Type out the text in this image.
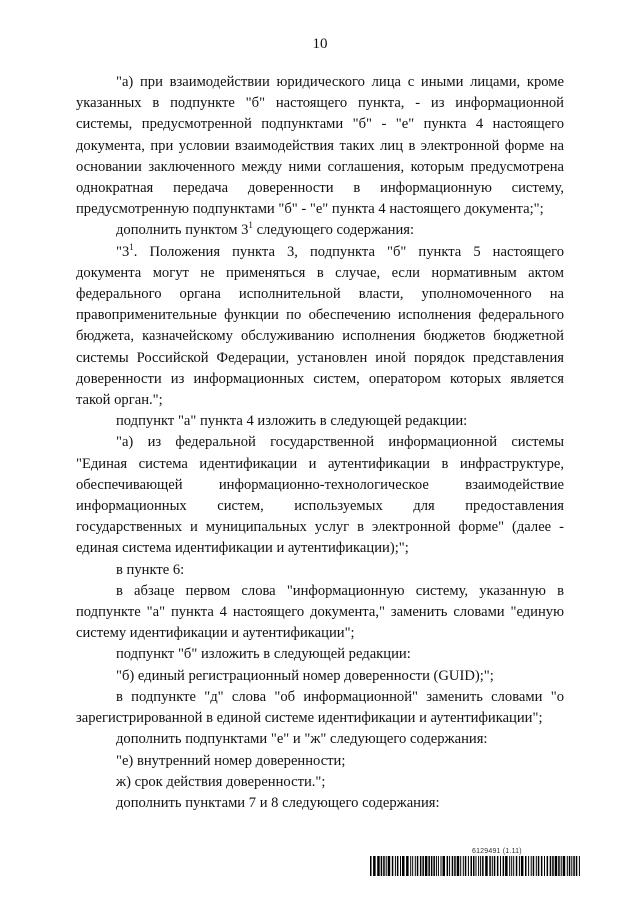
10

"а) при взаимодействии юридического лица с иными лицами, кроме указанных в подпункте "б" настоящего пункта, - из информационной системы, предусмотренной подпунктами "б" - "е" пункта 4 настоящего документа, при условии взаимодействия таких лиц в электронной форме на основании заключенного между ними соглашения, которым предусмотрена однократная передача доверенности в информационную систему, предусмотренную подпунктами "б" - "е" пункта 4 настоящего документа;";

дополнить пунктом $3^1$ следующего содержания:

"$3^1$. Положения пункта 3, подпункта "б" пункта 5 настоящего документа могут не применяться в случае, если нормативным актом федерального органа исполнительной власти, уполномоченного на правоприменительные функции по обеспечению исполнения федерального бюджета, казначейскому обслуживанию исполнения бюджетов бюджетной системы Российской Федерации, установлен иной порядок представления доверенности из информационных систем, оператором которых является такой орган.";

подпункт "а" пункта 4 изложить в следующей редакции:

"а) из федеральной государственной информационной системы "Единая система идентификации и аутентификации в инфраструктуре, обеспечивающей информационно-технологическое взаимодействие информационных систем, используемых для предоставления государственных и муниципальных услуг в электронной форме" (далее - единая система идентификации и аутентификации);";

в пункте 6:

в абзаце первом слова "информационную систему, указанную в подпункте "а" пункта 4 настоящего документа," заменить словами "единую систему идентификации и аутентификации";

подпункт "б" изложить в следующей редакции:

"б) единый регистрационный номер доверенности (GUID);";

в подпункте "д" слова "об информационной" заменить словами "о зарегистрированной в единой системе идентификации и аутентификации";

дополнить подпунктами "е" и "ж" следующего содержания:

"е) внутренний номер доверенности;

ж) срок действия доверенности.";

дополнить пунктами 7 и 8 следующего содержания:

6129491 (1.11)
